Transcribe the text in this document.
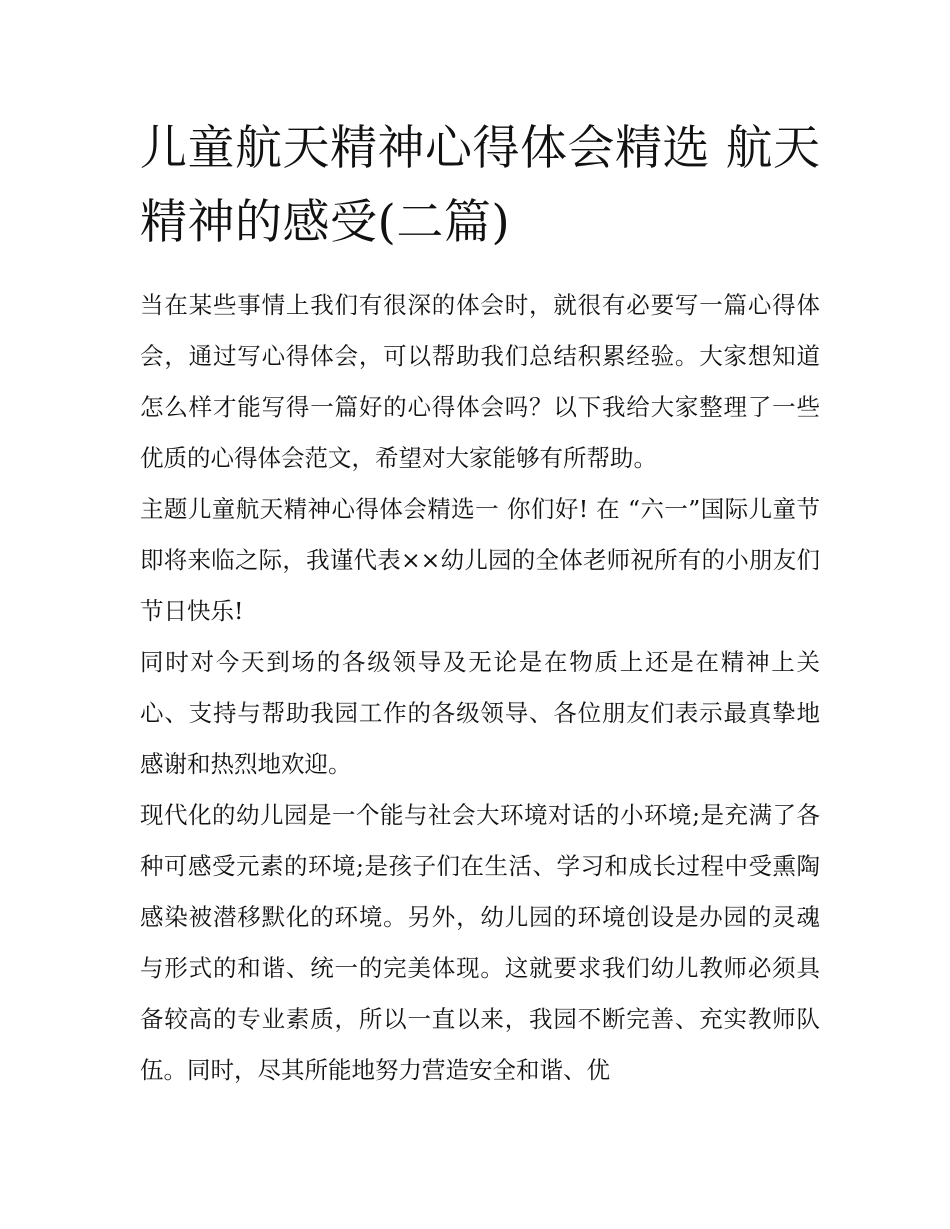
儿童航天精神心得体会精选 航天精神的感受(二篇)

当在某些事情上我们有很深的体会时，就很有必要写一篇心得体会，通过写心得体会，可以帮助我们总结积累经验。大家想知道怎么样才能写得一篇好的心得体会吗？以下我给大家整理了一些优质的心得体会范文，希望对大家能够有所帮助。

主题儿童航天精神心得体会精选一 你们好! 在 “六一”国际儿童节即将来临之际，我谨代表××幼儿园的全体老师祝所有的小朋友们节日快乐!

同时对今天到场的各级领导及无论是在物质上还是在精神上关心、支持与帮助我园工作的各级领导、各位朋友们表示最真挚地感谢和热烈地欢迎。

现代化的幼儿园是一个能与社会大环境对话的小环境;是充满了各种可感受元素的环境;是孩子们在生活、学习和成长过程中受熏陶感染被潜移默化的环境。另外，幼儿园的环境创设是办园的灵魂与形式的和谐、统一的完美体现。这就要求我们幼儿教师必须具备较高的专业素质，所以一直以来，我园不断完善、充实教师队伍。同时，尽其所能地努力营造安全和谐、优
